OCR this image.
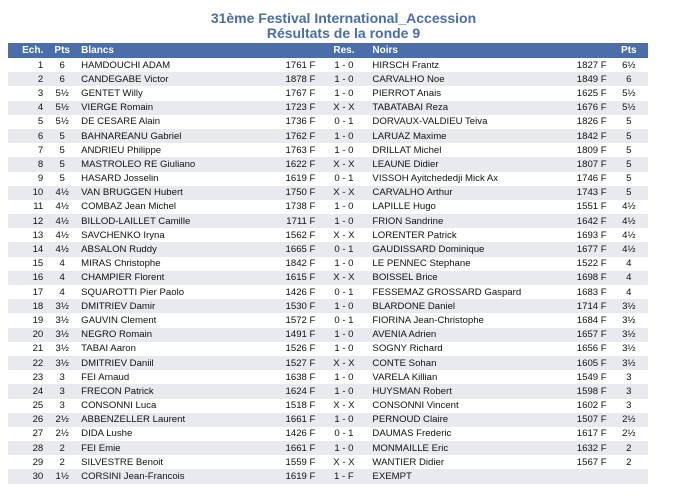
31ème Festival International_Accession
Résultats de la ronde 9
Ech.	Pts	Blancs		Res.	Noirs		Pts
1	6	HAMDOUCHI ADAM	1761 F	1 - 0	HIRSCH Frantz	1827 F	6½
2	6	CANDEGABE Victor	1878 F	1 - 0	CARVALHO Noe	1849 F	6
3	5½	GENTET Willy	1767 F	1 - 0	PIERROT Anais	1625 F	5½
4	5½	VIERGE Romain	1723 F	X - X	TABATABAI Reza	1676 F	5½
5	5½	DE CESARE Alain	1736 F	0 - 1	DORVAUX-VALDIEU Teiva	1826 F	5
6	5	BAHNAREANU Gabriel	1762 F	1 - 0	LARUAZ Maxime	1842 F	5
7	5	ANDRIEU Philippe	1763 F	1 - 0	DRILLAT Michel	1809 F	5
8	5	MASTROLEO RE Giuliano	1622 F	X - X	LEAUNE Didier	1807 F	5
9	5	HASARD Josselin	1619 F	0 - 1	VISSOH Ayitchededji Mick Ax	1746 F	5
10	4½	VAN BRUGGEN Hubert	1750 F	X - X	CARVALHO Arthur	1743 F	5
11	4½	COMBAZ Jean Michel	1738 F	1 - 0	LAPILLE Hugo	1551 F	4½
12	4½	BILLOD-LAILLET Camille	1711 F	1 - 0	FRION Sandrine	1642 F	4½
13	4½	SAVCHENKO Iryna	1562 F	X - X	LORENTER Patrick	1693 F	4½
14	4½	ABSALON Ruddy	1665 F	0 - 1	GAUDISSARD Dominique	1677 F	4½
15	4	MIRAS Christophe	1842 F	1 - 0	LE PENNEC Stephane	1522 F	4
16	4	CHAMPIER Florent	1615 F	X - X	BOISSEL Brice	1698 F	4
17	4	SQUAROTTI Pier Paolo	1426 F	0 - 1	FESSEMAZ GROSSARD Gaspard	1683 F	4
18	3½	DMITRIEV Damir	1530 F	1 - 0	BLARDONE Daniel	1714 F	3½
19	3½	GAUVIN Clement	1572 F	0 - 1	FIORINA Jean-Christophe	1684 F	3½
20	3½	NEGRO Romain	1491 F	1 - 0	AVENIA Adrien	1657 F	3½
21	3½	TABAI Aaron	1526 F	1 - 0	SOGNY Richard	1656 F	3½
22	3½	DMITRIEV Daniil	1527 F	X - X	CONTE Sohan	1605 F	3½
23	3	FEI Arnaud	1638 F	1 - 0	VARELA Killian	1549 F	3
24	3	FRECON Patrick	1624 F	1 - 0	HUYSMAN Robert	1598 F	3
25	3	CONSONNI Luca	1518 F	X - X	CONSONNI Vincent	1602 F	3
26	2½	ABBENZELLER Laurent	1661 F	1 - 0	PERNOUD Claire	1507 F	2½
27	2½	DIDA Lushe	1426 F	0 - 1	DAUMAS Frederic	1617 F	2½
28	2	FEI Emie	1661 F	1 - 0	MONMAILLE Eric	1632 F	2
29	2	SILVESTRE Benoit	1559 F	X - X	WANTIER Didier	1567 F	2
30	1½	CORSINI Jean-Francois	1619 F	1 - F	EXEMPT		
